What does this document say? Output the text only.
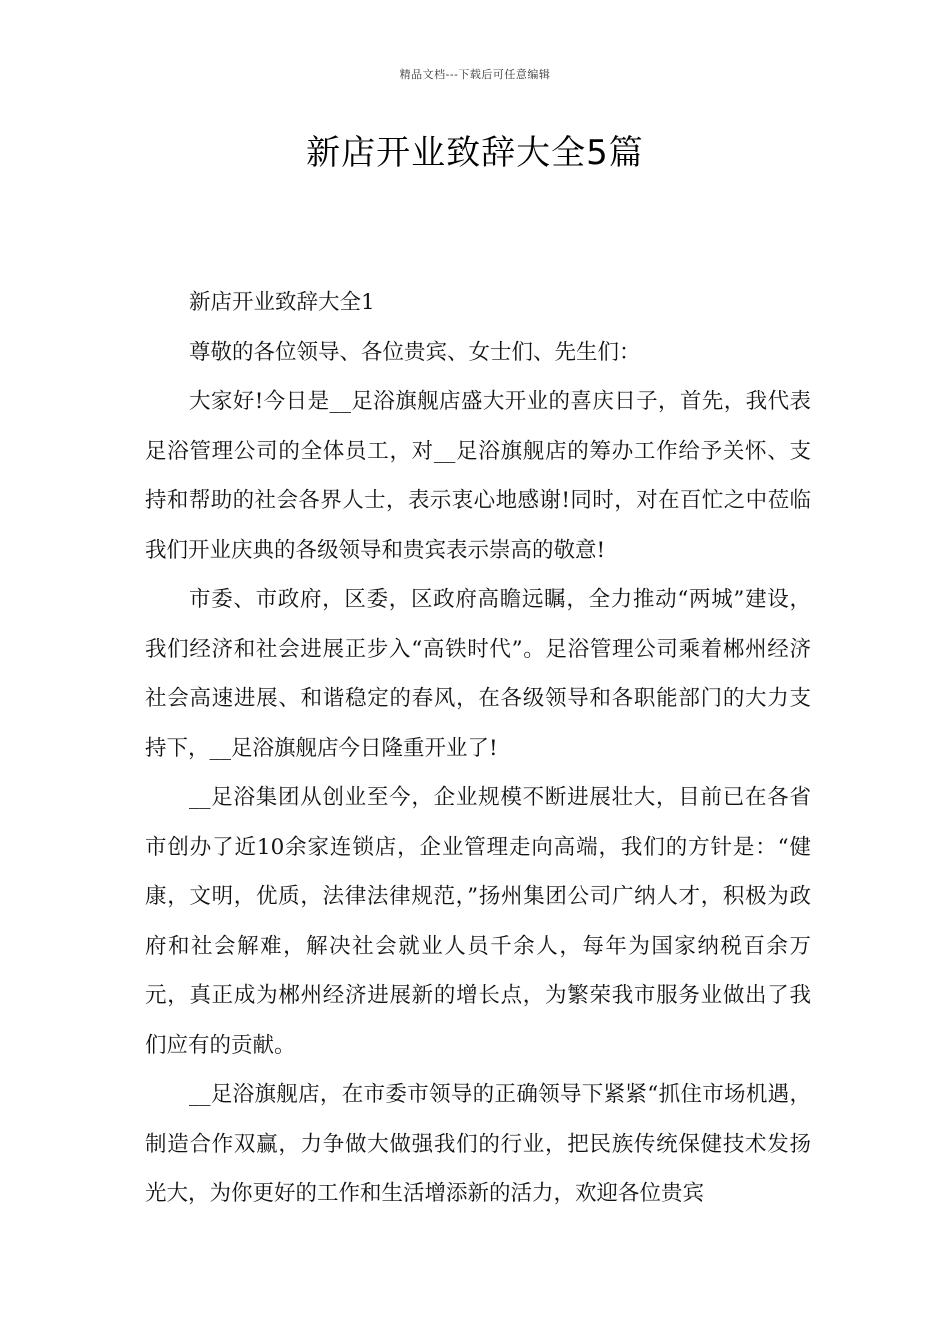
精品文档---下载后可任意编辑
新店开业致辞大全5篇

新店开业致辞大全1

尊敬的各位领导、各位贵宾、女士们、先生们：

大家好!今日是__足浴旗舰店盛大开业的喜庆日子，首先，我代表足浴管理公司的全体员工，对__足浴旗舰店的筹办工作给予关怀、支持和帮助的社会各界人士，表示衷心地感谢!同时，对在百忙之中莅临我们开业庆典的各级领导和贵宾表示崇高的敬意!

市委、市政府，区委，区政府高瞻远瞩，全力推动“两城”建设，我们经济和社会进展正步入“高铁时代”。足浴管理公司乘着郴州经济社会高速进展、和谐稳定的春风，在各级领导和各职能部门的大力支持下，__足浴旗舰店今日隆重开业了!

__足浴集团从创业至今，企业规模不断进展壮大，目前已在各省市创办了近10余家连锁店，企业管理走向高端，我们的方针是：“健康，文明，优质，法律法律规范，”扬州集团公司广纳人才，积极为政府和社会解难，解决社会就业人员千余人，每年为国家纳税百余万元，真正成为郴州经济进展新的增长点，为繁荣我市服务业做出了我们应有的贡献。

__足浴旗舰店，在市委市领导的正确领导下紧紧“抓住市场机遇，制造合作双赢，力争做大做强我们的行业，把民族传统保健技术发扬光大，为你更好的工作和生活增添新的活力，欢迎各位贵宾
